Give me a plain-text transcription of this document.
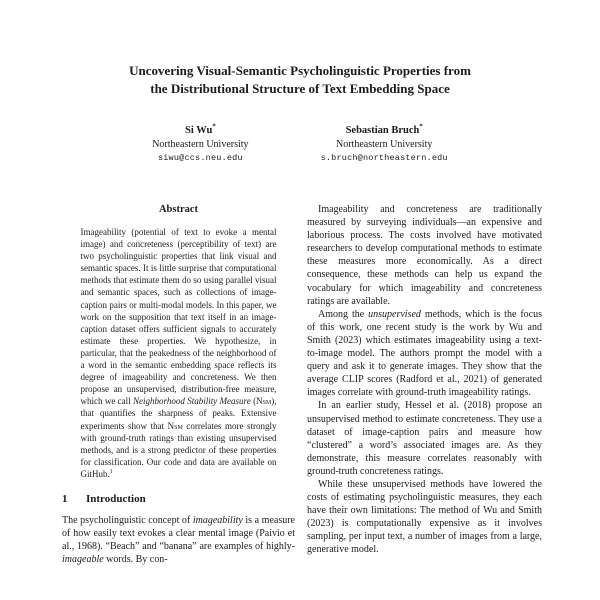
Uncovering Visual-Semantic Psycholinguistic Properties from
the Distributional Structure of Text Embedding Space
Si Wu*
Northeastern University
siwu@ccs.neu.edu
Sebastian Bruch*
Northeastern University
s.bruch@northeastern.edu
Abstract

Imageability (potential of text to evoke a mental image) and concreteness (perceptibility of text) are two psycholinguistic properties that link visual and semantic spaces. It is little surprise that computational methods that estimate them do so using parallel visual and semantic spaces, such as collections of image-caption pairs or multi-modal models. In this paper, we work on the supposition that text itself in an image-caption dataset offers sufficient signals to accurately estimate these properties. We hypothesize, in particular, that the peakedness of the neighborhood of a word in the semantic embedding space reflects its degree of imageability and concreteness. We then propose an unsupervised, distribution-free measure, which we call Neighborhood Stability Measure (Nsm), that quantifies the sharpness of peaks. Extensive experiments show that Nsm correlates more strongly with ground-truth ratings than existing unsupervised methods, and is a strong predictor of these properties for classification. Our code and data are available on GitHub.$^1$

1	Introduction

The psycholinguistic concept of imageability is a measure of how easily text evokes a clear mental image (Paivio et al., 1968). “Beach” and “banana” are examples of highly-imageable words. By con-

Imageability and concreteness are traditionally measured by surveying individuals—an expensive and laborious process. The costs involved have motivated researchers to develop computational methods to estimate these measures more economically. As a direct consequence, these methods can help us expand the vocabulary for which imageability and concreteness ratings are available.

Among the unsupervised methods, which is the focus of this work, one recent study is the work by Wu and Smith (2023) which estimates imageability using a text-to-image model. The authors prompt the model with a query and ask it to generate images. They show that the average CLIP scores (Radford et al., 2021) of generated images correlate with ground-truth imageability ratings.

In an earlier study, Hessel et al. (2018) propose an unsupervised method to estimate concreteness. They use a dataset of image-caption pairs and measure how “clustered” a word’s associated images are. As they demonstrate, this measure correlates reasonably with ground-truth concreteness ratings.

While these unsupervised methods have lowered the costs of estimating psycholinguistic measures, they each have their own limitations: The method of Wu and Smith (2023) is computationally expensive as it involves sampling, per input text, a number of images from a large, generative model.
